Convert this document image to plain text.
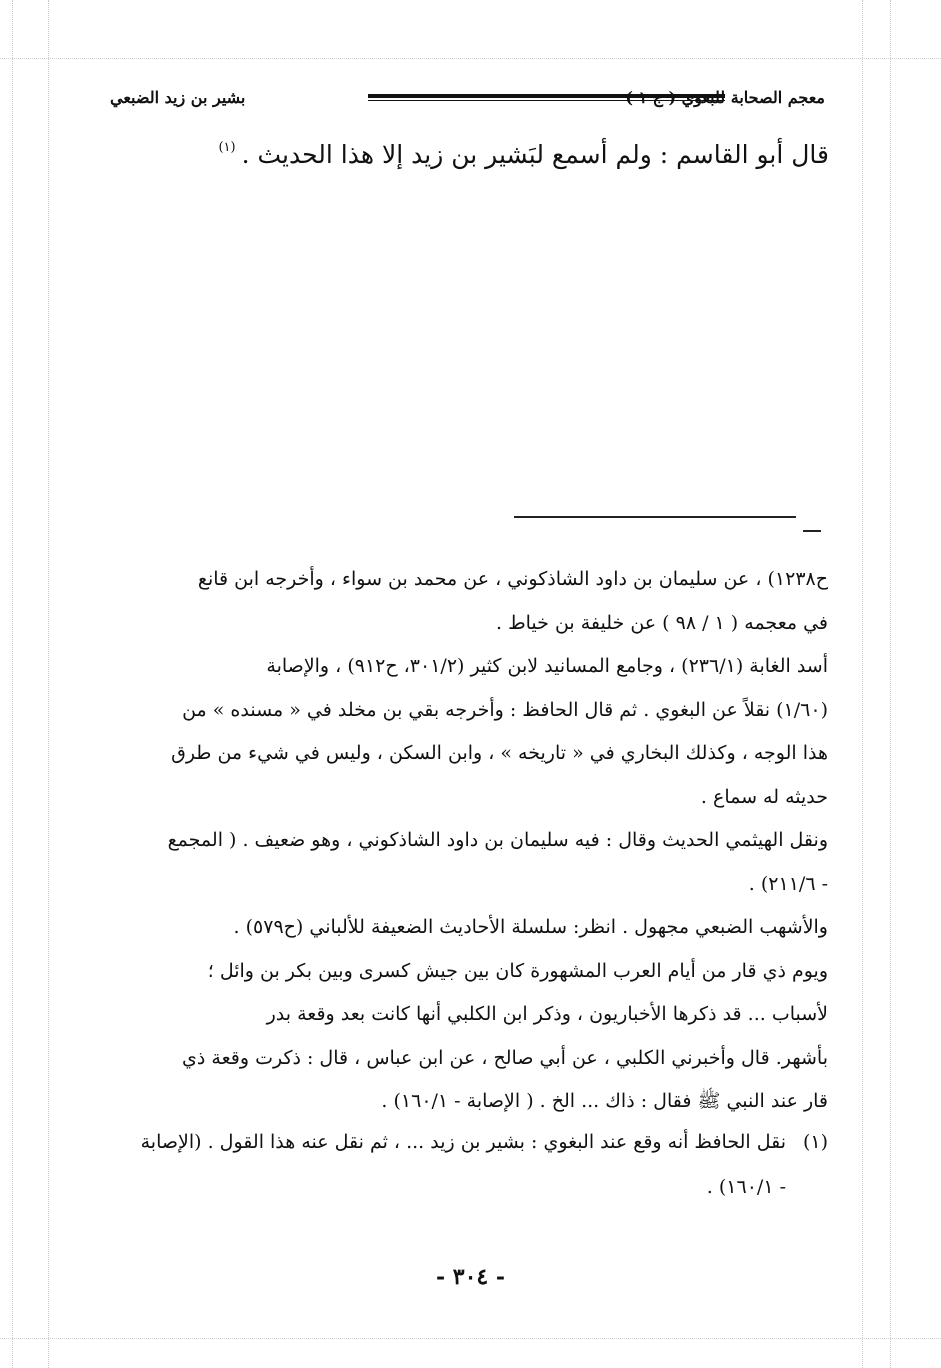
بشير بن زيد الضبعي	معجم الصحابة للبغوي ( ج ١ )
قال أبو القاسم : ولم أسمع لبَشير بن زيد إلا هذا الحديث .$^{(١)}$

ح١٢٣٨) ، عن سليمان بن داود الشاذكوني ، عن محمد بن سواء ، وأخرجه ابن قانع

في معجمه ( ١ / ٩٨ ) عن خليفة بن خياط .

أسد الغابة (٢٣٦/١) ، وجامع المسانيد لابن كثير (٣٠١/٢، ح٩١٢) ، والإصابة

(١/٦٠) نقلاً عن البغوي . ثم قال الحافظ : وأخرجه بقي بن مخلد في « مسنده » من

هذا الوجه ، وكذلك البخاري في « تاريخه » ، وابن السكن ، وليس في شيء من طرق

حديثه له سماع .

ونقل الهيثمي الحديث وقال : فيه سليمان بن داود الشاذكوني ، وهو ضعيف . ( المجمع

- ٢١١/٦) .

والأشهب الضبعي مجهول . انظر: سلسلة الأحاديث الضعيفة للألباني (ح٥٧٩) .

ويوم ذي قار من أيام العرب المشهورة كان بين جيش كسرى وبين بكر بن وائل ؛

لأسباب ... قد ذكرها الأخباريون ، وذكر ابن الكلبي أنها كانت بعد وقعة بدر

بأشهر. قال وأخبرني الكلبي ، عن أبي صالح ، عن ابن عباس ، قال : ذكرت وقعة ذي

قار عند النبي ﷺ فقال : ذاك ... الخ . ( الإصابة - ١٦٠/١) .

(١)

نقل الحافظ أنه وقع عند البغوي : بشير بن زيد ... ، ثم نقل عنه هذا القول . (الإصابة

- ١٦٠/١) .

- ٣٠٤ -
